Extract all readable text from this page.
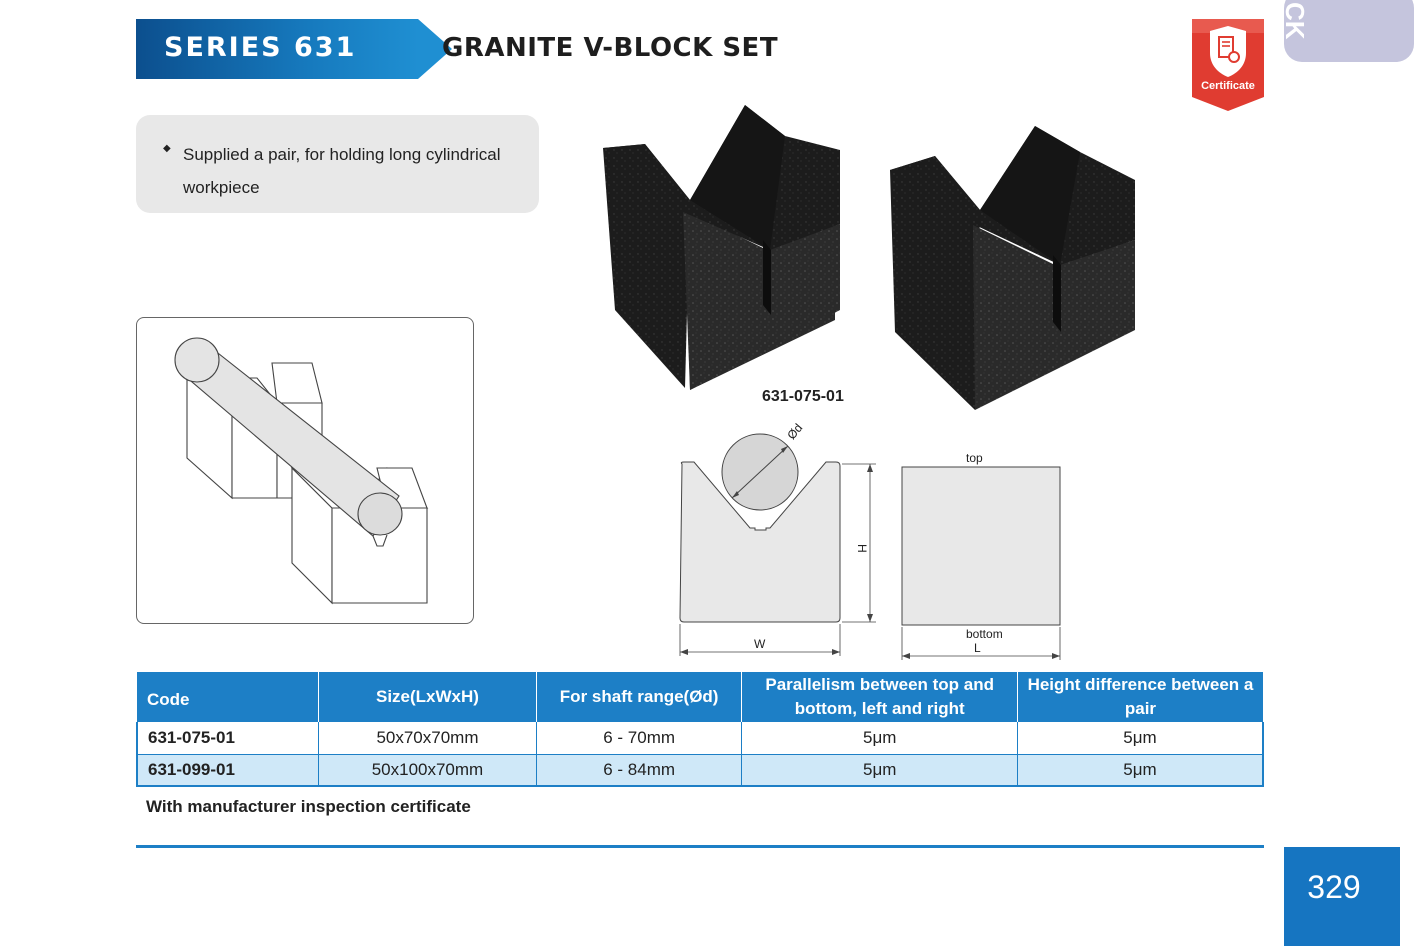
SERIES 631	GRANITE V-BLOCK SET
Certificate
CK
◆ Supplied a pair, for holding long cylindrical workpiece
631-075-01
Ød
H
W
top
bottom
L
Code	Size(LxWxH)	For shaft range(Ød)	Parallelism between top and bottom, left and right	Height difference between a pair
631-075-01	50x70x70mm	6 - 70mm	5μm	5μm
631-099-01	50x100x70mm	6 - 84mm	5μm	5μm
With manufacturer inspection certificate
329
